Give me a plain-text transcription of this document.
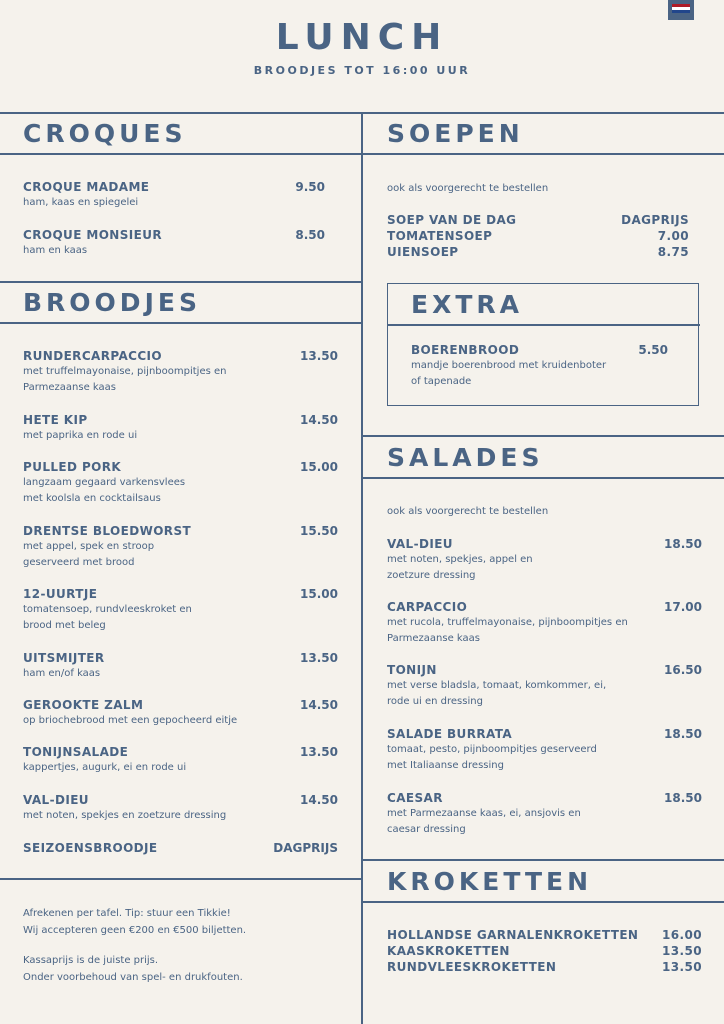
LUNCH
BROODJES TOT 16:00 UUR
CROQUES
CROQUE MADAME	9.50
ham, kaas en spiegelei
CROQUE MONSIEUR	8.50
ham en kaas
BROODJES
RUNDERCARPACCIO	13.50
met truffelmayonaise, pijnboompitjes en
Parmezaanse kaas
HETE KIP	14.50
met paprika en rode ui
PULLED PORK	15.00
langzaam gegaard varkensvlees
met koolsla en cocktailsaus
DRENTSE BLOEDWORST	15.50
met appel, spek en stroop
geserveerd met brood
12-UURTJE	15.00
tomatensoep, rundvleeskroket en
brood met beleg
UITSMIJTER	13.50
ham en/of kaas
GEROOKTE ZALM	14.50
op briochebrood met een gepocheerd eitje
TONIJNSALADE	13.50
kappertjes, augurk, ei en rode ui
VAL-DIEU	14.50
met noten, spekjes en zoetzure dressing
SEIZOENSBROODJE	DAGPRIJS
Afrekenen per tafel. Tip: stuur een Tikkie!
Wij accepteren geen €200 en €500 biljetten.
Kassaprijs is de juiste prijs.
Onder voorbehoud van spel- en drukfouten.
SOEPEN
ook als voorgerecht te bestellen
SOEP VAN DE DAG	DAGPRIJS
TOMATENSOEP	7.00
UIENSOEP	8.75
EXTRA
BOERENBROOD	5.50
mandje boerenbrood met kruidenboter
of tapenade
SALADES
ook als voorgerecht te bestellen
VAL-DIEU	18.50
met noten, spekjes, appel en
zoetzure dressing
CARPACCIO	17.00
met rucola, truffelmayonaise, pijnboompitjes en
Parmezaanse kaas
TONIJN	16.50
met verse bladsla, tomaat, komkommer, ei,
rode ui en dressing
SALADE BURRATA	18.50
tomaat, pesto, pijnboompitjes geserveerd
met Italiaanse dressing
CAESAR	18.50
met Parmezaanse kaas, ei, ansjovis en
caesar dressing
KROKETTEN
HOLLANDSE GARNALENKROKETTEN 16.00
KAASKROKETTEN	13.50
RUNDVLEESKROKETTEN	13.50
